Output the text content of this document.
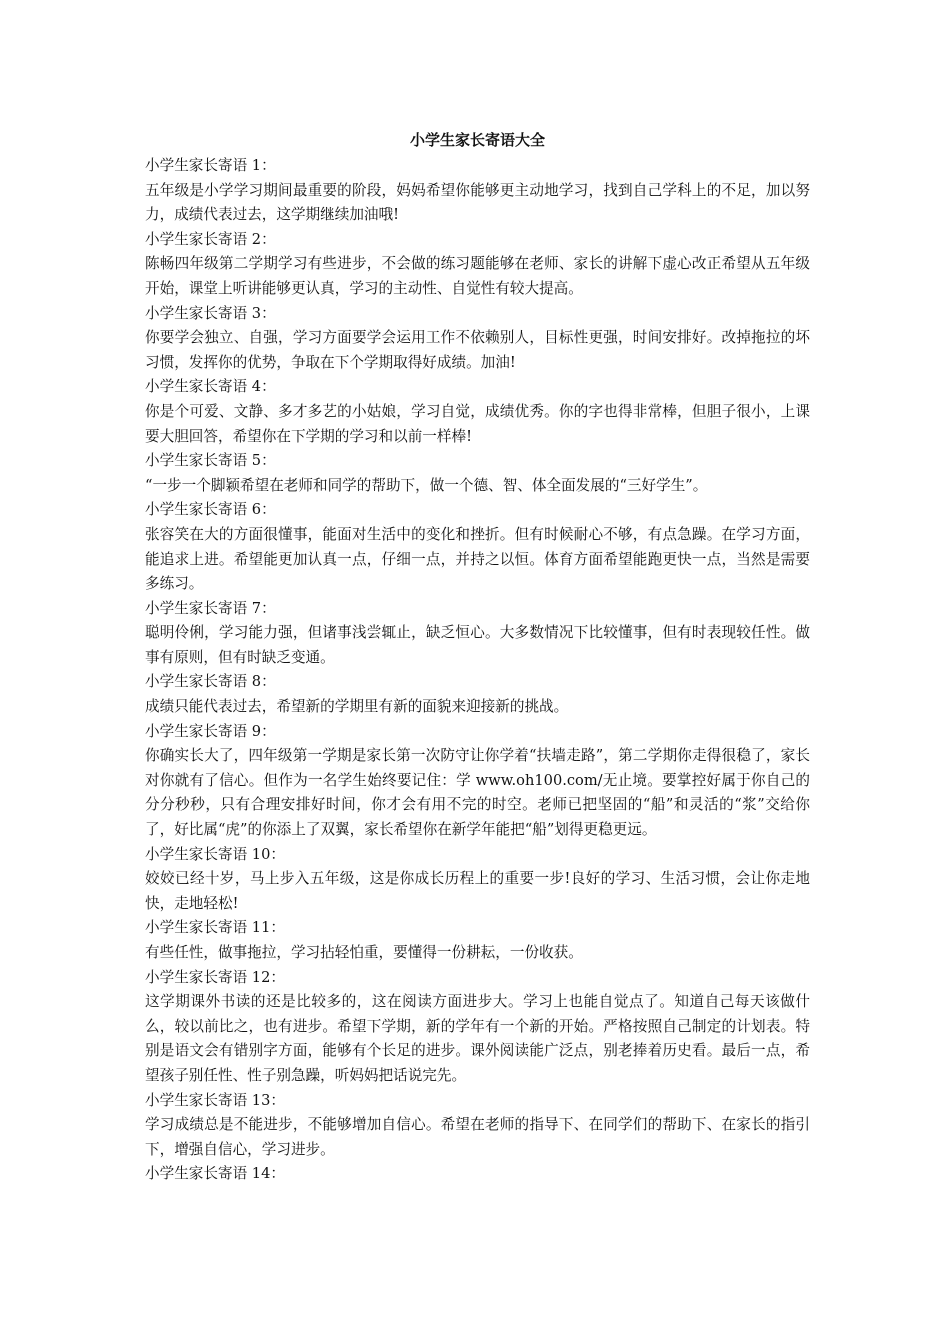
小学生家长寄语大全

小学生家长寄语 1：

五年级是小学学习期间最重要的阶段，妈妈希望你能够更主动地学习，找到自己学科上的不足，加以努力，成绩代表过去，这学期继续加油哦!

小学生家长寄语 2：

陈畅四年级第二学期学习有些进步，不会做的练习题能够在老师、家长的讲解下虚心改正希望从五年级开始，课堂上听讲能够更认真，学习的主动性、自觉性有较大提高。

小学生家长寄语 3：

你要学会独立、自强，学习方面要学会运用工作不依赖别人，目标性更强，时间安排好。改掉拖拉的坏习惯，发挥你的优势，争取在下个学期取得好成绩。加油!

小学生家长寄语 4：

你是个可爱、文静、多才多艺的小姑娘，学习自觉，成绩优秀。你的字也得非常棒，但胆子很小，上课要大胆回答，希望你在下学期的学习和以前一样棒!

小学生家长寄语 5：

“一步一个脚颖希望在老师和同学的帮助下，做一个德、智、体全面发展的“三好学生”。

小学生家长寄语 6：

张容笑在大的方面很懂事，能面对生活中的变化和挫折。但有时候耐心不够，有点急躁。在学习方面，能追求上进。希望能更加认真一点，仔细一点，并持之以恒。体育方面希望能跑更快一点，当然是需要多练习。

小学生家长寄语 7：

聪明伶俐，学习能力强，但诸事浅尝辄止，缺乏恒心。大多数情况下比较懂事，但有时表现较任性。做事有原则，但有时缺乏变通。

小学生家长寄语 8：

成绩只能代表过去，希望新的学期里有新的面貌来迎接新的挑战。

小学生家长寄语 9：

你确实长大了，四年级第一学期是家长第一次防守让你学着“扶墙走路”，第二学期你走得很稳了，家长对你就有了信心。但作为一名学生始终要记住：学 www.oh100.com/无止境。要掌控好属于你自己的分分秒秒，只有合理安排好时间，你才会有用不完的时空。老师已把坚固的“船”和灵活的“浆”交给你了，好比属“虎”的你添上了双翼，家长希望你在新学年能把“船”划得更稳更远。

小学生家长寄语 10：

姣姣已经十岁，马上步入五年级，这是你成长历程上的重要一步!良好的学习、生活习惯，会让你走地快，走地轻松!

小学生家长寄语 11：

有些任性，做事拖拉，学习拈轻怕重，要懂得一份耕耘，一份收获。

小学生家长寄语 12：

这学期课外书读的还是比较多的，这在阅读方面进步大。学习上也能自觉点了。知道自己每天该做什么，较以前比之，也有进步。希望下学期，新的学年有一个新的开始。严格按照自己制定的计划表。特别是语文会有错别字方面，能够有个长足的进步。课外阅读能广泛点，别老捧着历史看。最后一点，希望孩子别任性、性子别急躁，听妈妈把话说完先。

小学生家长寄语 13：

学习成绩总是不能进步，不能够增加自信心。希望在老师的指导下、在同学们的帮助下、在家长的指引下，增强自信心，学习进步。

小学生家长寄语 14：
